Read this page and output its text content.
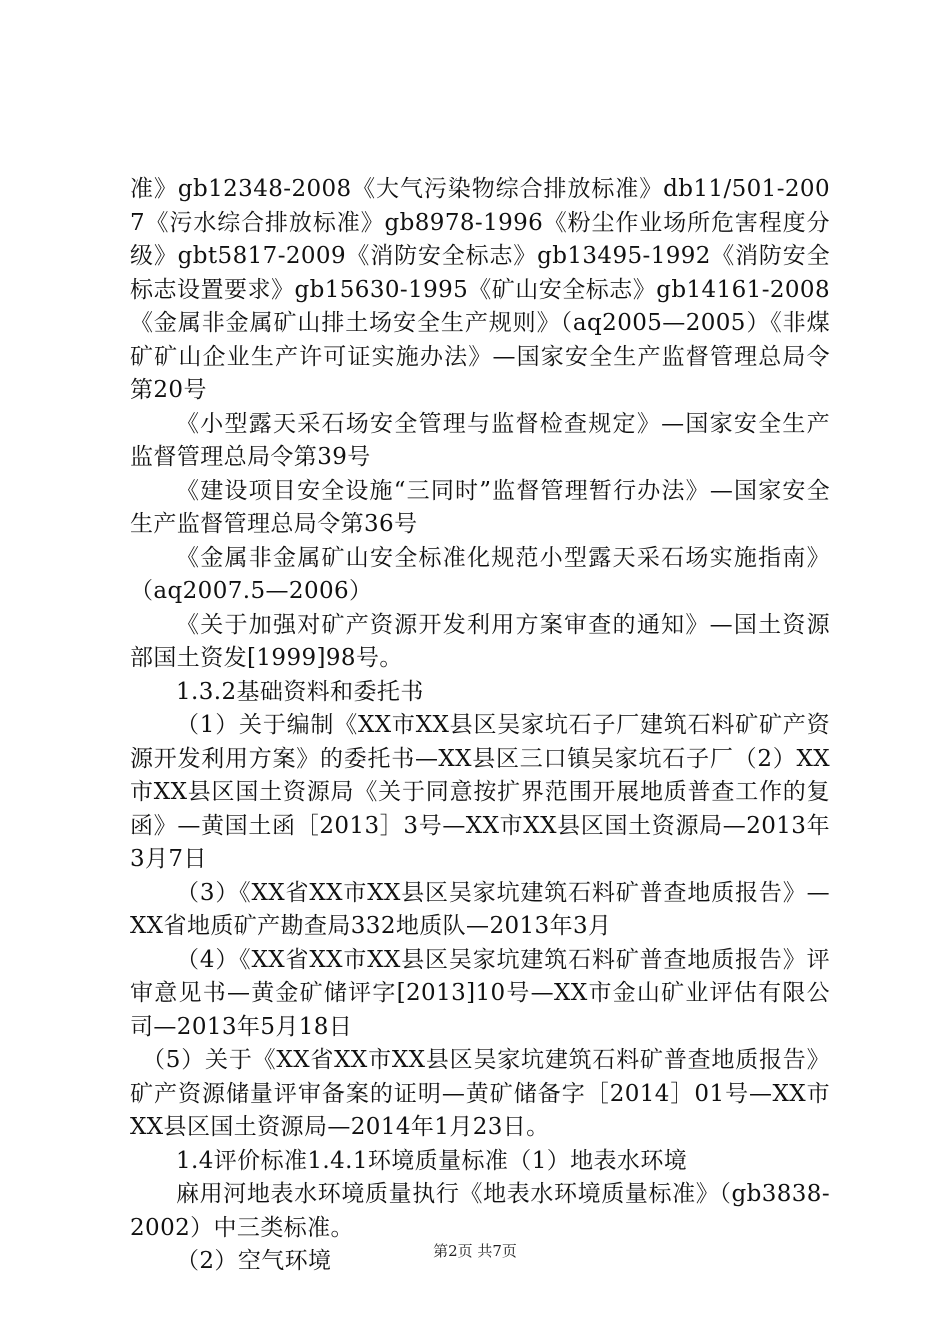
准》gb12348-2008《大气污染物综合排放标准》db11/501-2007《污水综合排放标准》gb8978-1996《粉尘作业场所危害程度分级》gbt5817-2009《消防安全标志》gb13495-1992《消防安全标志设置要求》gb15630-1995《矿山安全标志》gb14161-2008《金属非金属矿山排土场安全生产规则》（aq2005—2005）《非煤矿矿山企业生产许可证实施办法》—国家安全生产监督管理总局令第20号

《小型露天采石场安全管理与监督检查规定》—国家安全生产监督管理总局令第39号

《建设项目安全设施“三同时”监督管理暂行办法》—国家安全生产监督管理总局令第36号

《金属非金属矿山安全标准化规范小型露天采石场实施指南》（aq2007.5—2006）

《关于加强对矿产资源开发利用方案审查的通知》—国土资源部国土资发[1999]98号。

1.3.2基础资料和委托书

（1）关于编制《XX市XX县区吴家坑石子厂建筑石料矿矿产资源开发利用方案》的委托书—XX县区三口镇吴家坑石子厂（2）XX市XX县区国土资源局《关于同意按扩界范围开展地质普查工作的复函》—黄国土函［2013］3号—XX市XX县区国土资源局—2013年3月7日

（3）《XX省XX市XX县区吴家坑建筑石料矿普查地质报告》—XX省地质矿产勘查局332地质队—2013年3月

（4）《XX省XX市XX县区吴家坑建筑石料矿普查地质报告》评审意见书—黄金矿储评字[2013]10号—XX市金山矿业评估有限公司—2013年5月18日

（5）关于《XX省XX市XX县区吴家坑建筑石料矿普查地质报告》矿产资源储量评审备案的证明—黄矿储备字［2014］01号—XX市XX县区国土资源局—2014年1月23日。

1.4评价标准1.4.1环境质量标准（1）地表水环境

麻用河地表水环境质量执行《地表水环境质量标准》（gb3838-2002）中三类标准。

（2）空气环境	第2页 共7页
